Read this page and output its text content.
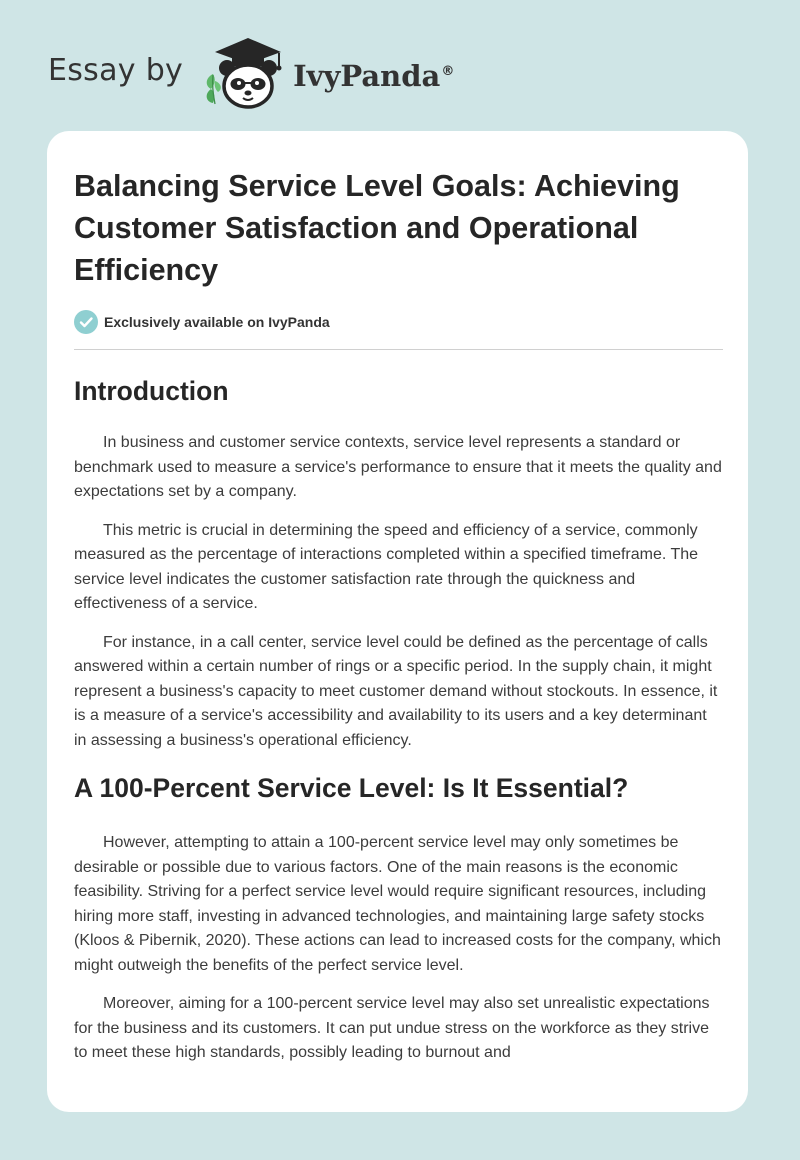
Essay by	IvyPanda®
Balancing Service Level Goals: Achieving Customer Satisfaction and Operational Efficiency
Exclusively available on IvyPanda
Introduction

In business and customer service contexts, service level represents a standard or benchmark used to measure a service's performance to ensure that it meets the quality and expectations set by a company.

This metric is crucial in determining the speed and efficiency of a service, commonly measured as the percentage of interactions completed within a specified timeframe. The service level indicates the customer satisfaction rate through the quickness and effectiveness of a service.

For instance, in a call center, service level could be defined as the percentage of calls answered within a certain number of rings or a specific period. In the supply chain, it might represent a business's capacity to meet customer demand without stockouts. In essence, it is a measure of a service's accessibility and availability to its users and a key determinant in assessing a business's operational efficiency.

A 100-Percent Service Level: Is It Essential?

However, attempting to attain a 100-percent service level may only sometimes be desirable or possible due to various factors. One of the main reasons is the economic feasibility. Striving for a perfect service level would require significant resources, including hiring more staff, investing in advanced technologies, and maintaining large safety stocks (Kloos & Pibernik, 2020). These actions can lead to increased costs for the company, which might outweigh the benefits of the perfect service level.

Moreover, aiming for a 100-percent service level may also set unrealistic expectations for the business and its customers. It can put undue stress on the workforce as they strive to meet these high standards, possibly leading to burnout and
